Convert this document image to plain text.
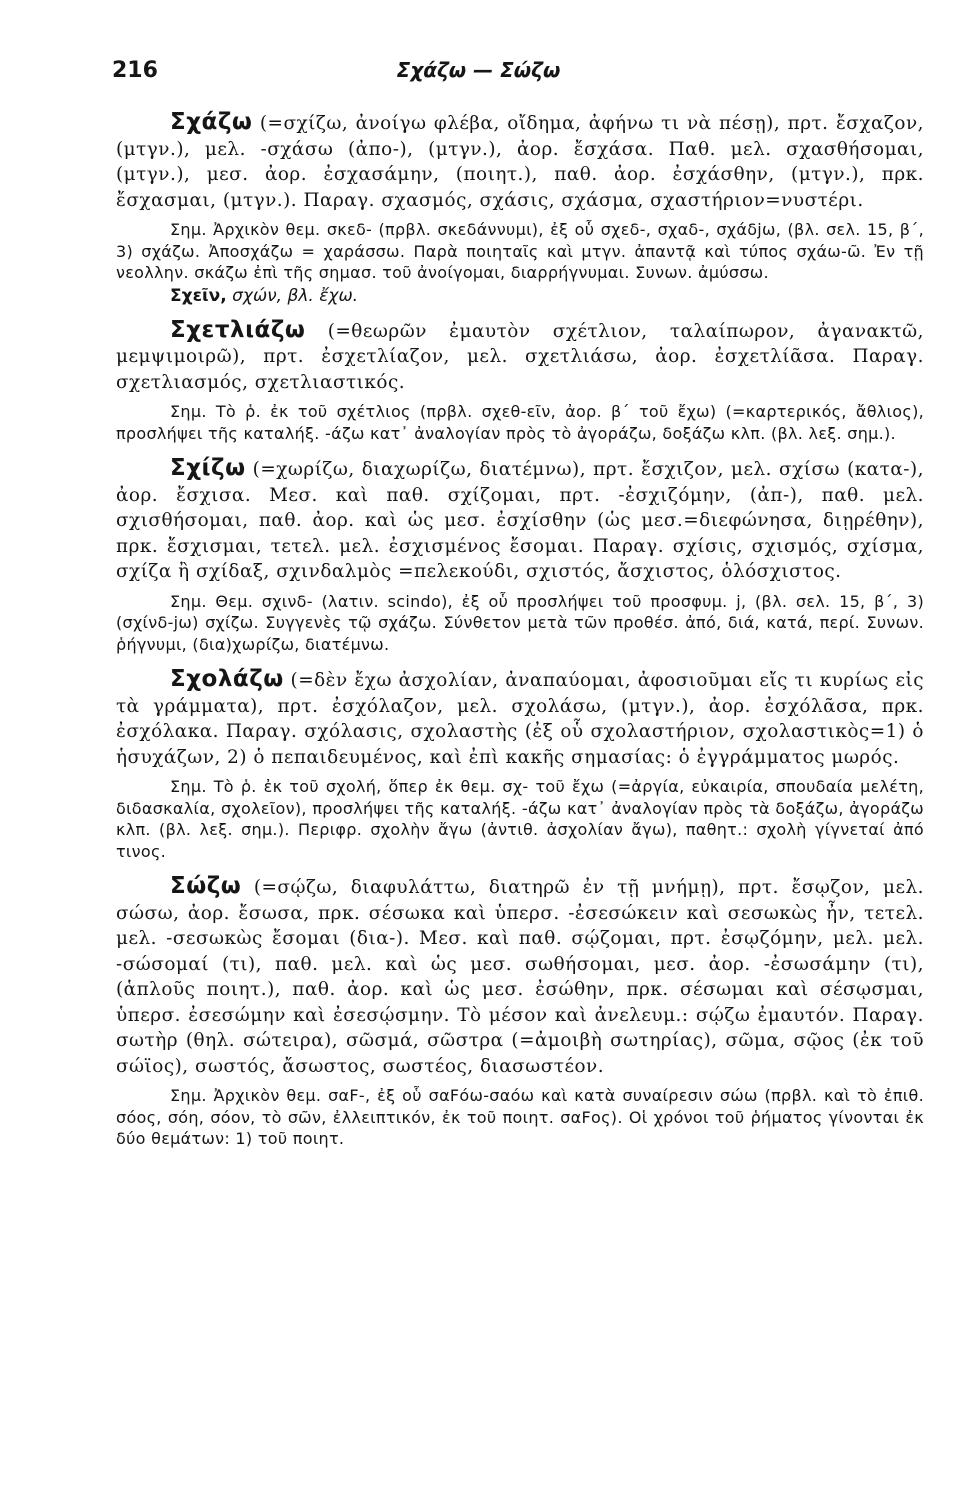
216	Σχάζω — Σώζω

Σχάζω (=σχίζω, ἀνοίγω φλέβα, οἴδημα, ἀφήνω τι νὰ πέσῃ), πρτ. ἔσχαζον, (μτγν.), μελ. -σχάσω (ἀπο-), (μτγν.), ἀορ. ἔσχάσα. Παθ. μελ. σχασθήσομαι, (μτγν.), μεσ. ἀορ. ἐσχασάμην, (ποιητ.), παθ. ἀορ. ἐσχάσθην, (μτγν.), πρκ. ἔσχασμαι, (μτγν.). Παραγ. σχασμός, σχάσις, σχάσμα, σχαστήριον=νυστέρι.

Σημ. Ἀρχικὸν θεμ. σκεδ- (πρβλ. σκεδάννυμι), ἐξ οὗ σχεδ-, σχαδ-, σχάδjω, (βλ. σελ. 15, β΄, 3) σχάζω. Ἀποσχάζω = χαράσσω. Παρὰ ποιηταῖς καὶ μτγν. ἀπαντᾷ καὶ τύπος σχάω-ῶ. Ἐν τῇ νεολλην. σκάζω ἐπὶ τῆς σημασ. τοῦ ἀνοίγομαι, διαρρήγνυμαι. Συνων. ἀμύσσω.

Σχεῖν, σχών, βλ. ἔχω.

Σχετλιάζω (=θεωρῶν ἐμαυτὸν σχέτλιον, ταλαίπωρον, ἀγανακτῶ, μεμψιμοιρῶ), πρτ. ἐσχετλίαζον, μελ. σχετλιάσω, ἀορ. ἐσχετλίᾶσα. Παραγ. σχετλιασμός, σχετλιαστικός.

Σημ. Τὸ ῥ. ἐκ τοῦ σχέτλιος (πρβλ. σχεθ-εῖν, ἀορ. β΄ τοῦ ἔχω) (=καρτερικός, ἄθλιος), προσλήψει τῆς καταλήξ. -άζω κατ᾽ ἀναλογίαν πρὸς τὸ ἀγοράζω, δοξάζω κλπ. (βλ. λεξ. σημ.).

Σχίζω (=χωρίζω, διαχωρίζω, διατέμνω), πρτ. ἔσχιζον, μελ. σχίσω (κατα-), ἀορ. ἔσχισα. Μεσ. καὶ παθ. σχίζομαι, πρτ. -ἐσχιζόμην, (ἀπ-), παθ. μελ. σχισθήσομαι, παθ. ἀορ. καὶ ὡς μεσ. ἐσχίσθην (ὡς μεσ.=διεφώνησα, διῃρέθην), πρκ. ἔσχισμαι, τετελ. μελ. ἐσχισμένος ἔσομαι. Παραγ. σχίσις, σχισμός, σχίσμα, σχίζα ἢ σχίδαξ, σχινδαλμὸς =πελεκούδι, σχιστός, ἄσχιστος, ὁλόσχιστος.

Σημ. Θεμ. σχινδ- (λατιν. scindo), ἐξ οὗ προσλήψει τοῦ προσφυμ. j, (βλ. σελ. 15, β΄, 3) (σχίνδ-jω) σχίζω. Συγγενὲς τῷ σχάζω. Σύνθετον μετὰ τῶν προθέσ. ἀπό, διά, κατά, περί. Συνων. ῥήγνυμι, (δια)χωρίζω, διατέμνω.

Σχολάζω (=δὲν ἔχω ἀσχολίαν, ἀναπαύομαι, ἀφοσιοῦμαι εἴς τι κυρίως εἰς τὰ γράμματα), πρτ. ἐσχόλαζον, μελ. σχολάσω, (μτγν.), ἀορ. ἐσχόλᾶσα, πρκ. ἐσχόλακα. Παραγ. σχόλασις, σχολαστὴς (ἐξ οὗ σχολαστήριον, σχολαστικὸς=1) ὁ ἡσυχάζων, 2) ὁ πεπαιδευμένος, καὶ ἐπὶ κακῆς σημασίας: ὁ ἐγγράμματος μωρός.

Σημ. Τὸ ῥ. ἐκ τοῦ σχολή, ὅπερ ἐκ θεμ. σχ- τοῦ ἔχω (=ἀργία, εὐκαιρία, σπουδαία μελέτη, διδασκαλία, σχολεῖον), προσλήψει τῆς καταλήξ. -άζω κατ᾽ ἀναλογίαν πρὸς τὰ δοξάζω, ἀγοράζω κλπ. (βλ. λεξ. σημ.). Περιφρ. σχολὴν ἄγω (ἀντιθ. ἀσχολίαν ἄγω), παθητ.: σχολὴ γίγνεταί ἀπό τινος.

Σώζω (=σῴζω, διαφυλάττω, διατηρῶ ἐν τῇ μνήμῃ), πρτ. ἔσῳζον, μελ. σώσω, ἀορ. ἔσωσα, πρκ. σέσωκα καὶ ὑπερσ. -ἐσεσώκειν καὶ σεσωκὼς ἦν, τετελ. μελ. -σεσωκὼς ἔσομαι (δια-). Μεσ. καὶ παθ. σῴζομαι, πρτ. ἐσῳζόμην, μελ. μελ. -σώσομαί (τι), παθ. μελ. καὶ ὡς μεσ. σωθήσομαι, μεσ. ἀορ. -ἐσωσάμην (τι), (ἁπλοῦς ποιητ.), παθ. ἀορ. καὶ ὡς μεσ. ἐσώθην, πρκ. σέσωμαι καὶ σέσῳσμαι, ὑπερσ. ἐσεσώμην καὶ ἐσεσῴσμην. Τὸ μέσον καὶ ἀνελευμ.: σῴζω ἐμαυτόν. Παραγ. σωτὴρ (θηλ. σώτειρα), σῶσμά, σῶστρα (=ἀμοιβὴ σωτηρίας), σῶμα, σῷος (ἐκ τοῦ σώϊος), σωστός, ἄσωστος, σωστέος, διασωστέον.

Σημ. Ἀρχικὸν θεμ. σαϜ-, ἐξ οὗ σαϜόω-σαόω καὶ κατὰ συναίρεσιν σώω (πρβλ. καὶ τὸ ἐπιθ. σόος, σόη, σόον, τὸ σῶν, ἐλλειπτικόν, ἐκ τοῦ ποιητ. σαϜος). Οἱ χρόνοι τοῦ ῥήματος γίνονται ἐκ δύο θεμάτων: 1) τοῦ ποιητ.
